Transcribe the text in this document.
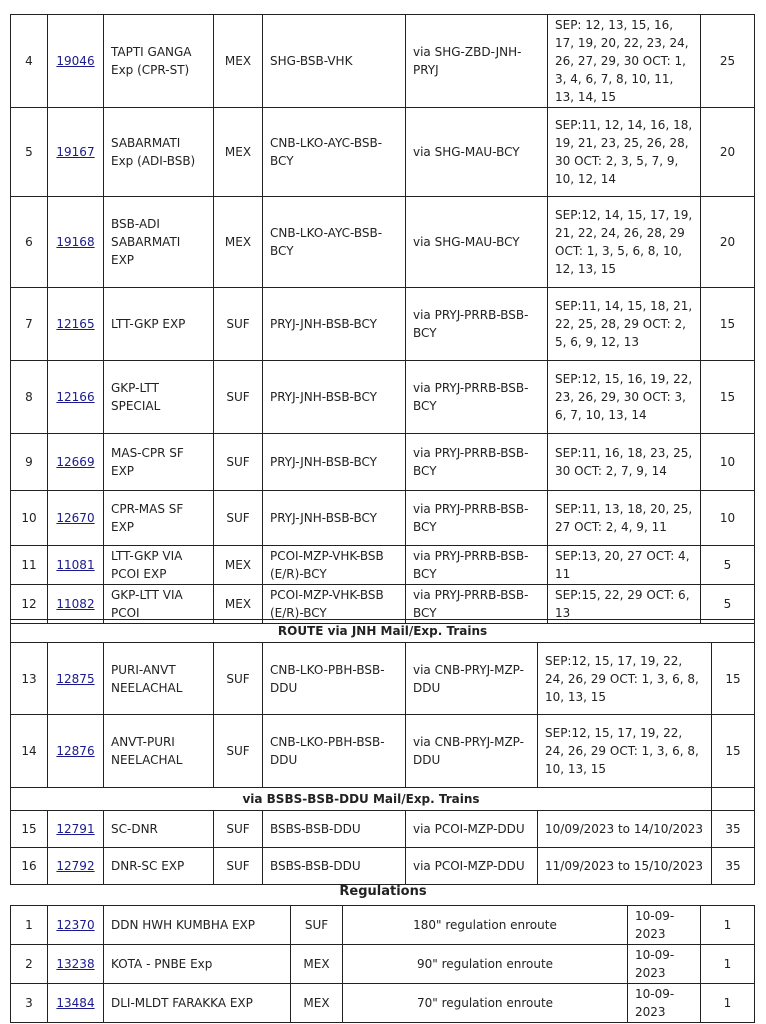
4	19046	TAPTI GANGA Exp (CPR-ST)	MEX	SHG-BSB-VHK	via SHG-ZBD-JNH-PRYJ	SEP: 12, 13, 15, 16, 17, 19, 20, 22, 23, 24, 26, 27, 29, 30 OCT: 1, 3, 4, 6, 7, 8, 10, 11, 13, 14, 15	25
5	19167	SABARMATI Exp (ADI-BSB)	MEX	CNB-LKO-AYC-BSB-BCY	via SHG-MAU-BCY	SEP:11, 12, 14, 16, 18, 19, 21, 23, 25, 26, 28, 30 OCT: 2, 3, 5, 7, 9, 10, 12, 14	20
6	19168	BSB-ADI SABARMATI EXP	MEX	CNB-LKO-AYC-BSB-BCY	via SHG-MAU-BCY	SEP:12, 14, 15, 17, 19, 21, 22, 24, 26, 28, 29 OCT: 1, 3, 5, 6, 8, 10, 12, 13, 15	20
7	12165	LTT-GKP EXP	SUF	PRYJ-JNH-BSB-BCY	via PRYJ-PRRB-BSB-BCY	SEP:11, 14, 15, 18, 21, 22, 25, 28, 29 OCT: 2, 5, 6, 9, 12, 13	15
8	12166	GKP-LTT SPECIAL	SUF	PRYJ-JNH-BSB-BCY	via PRYJ-PRRB-BSB-BCY	SEP:12, 15, 16, 19, 22, 23, 26, 29, 30 OCT: 3, 6, 7, 10, 13, 14	15
9	12669	MAS-CPR SF EXP	SUF	PRYJ-JNH-BSB-BCY	via PRYJ-PRRB-BSB-BCY	SEP:11, 16, 18, 23, 25, 30 OCT: 2, 7, 9, 14	10
10	12670	CPR-MAS SF EXP	SUF	PRYJ-JNH-BSB-BCY	via PRYJ-PRRB-BSB-BCY	SEP:11, 13, 18, 20, 25, 27 OCT: 2, 4, 9, 11	10
11	11081	LTT-GKP VIA PCOI EXP	MEX	PCOI-MZP-VHK-BSB (E/R)-BCY	via PRYJ-PRRB-BSB-BCY	SEP:13, 20, 27 OCT: 4, 11	5
12	11082	GKP-LTT VIA PCOI	MEX	PCOI-MZP-VHK-BSB (E/R)-BCY	via PRYJ-PRRB-BSB-BCY	SEP:15, 22, 29 OCT: 6, 13	5
ROUTE via JNH Mail/Exp. Trains							
13	12875	PURI-ANVT NEELACHAL	SUF	CNB-LKO-PBH-BSB-DDU	via CNB-PRYJ-MZP-DDU	SEP:12, 15, 17, 19, 22, 24, 26, 29 OCT: 1, 3, 6, 8, 10, 13, 15	15
14	12876	ANVT-PURI NEELACHAL	SUF	CNB-LKO-PBH-BSB-DDU	via CNB-PRYJ-MZP-DDU	SEP:12, 15, 17, 19, 22, 24, 26, 29 OCT: 1, 3, 6, 8, 10, 13, 15	15
via BSBS-BSB-DDU Mail/Exp. Trains							
15	12791	SC-DNR	SUF	BSBS-BSB-DDU	via PCOI-MZP-DDU	10/09/2023 to 14/10/2023	35
16	12792	DNR-SC EXP	SUF	BSBS-BSB-DDU	via PCOI-MZP-DDU	11/09/2023 to 15/10/2023	35
Regulations
1	12370	DDN HWH KUMBHA EXP	SUF	180" regulation enroute	10-09-2023	1
2	13238	KOTA - PNBE Exp	MEX	90" regulation enroute	10-09-2023	1
3	13484	DLI-MLDT FARAKKA EXP	MEX	70" regulation enroute	10-09-2023	1
